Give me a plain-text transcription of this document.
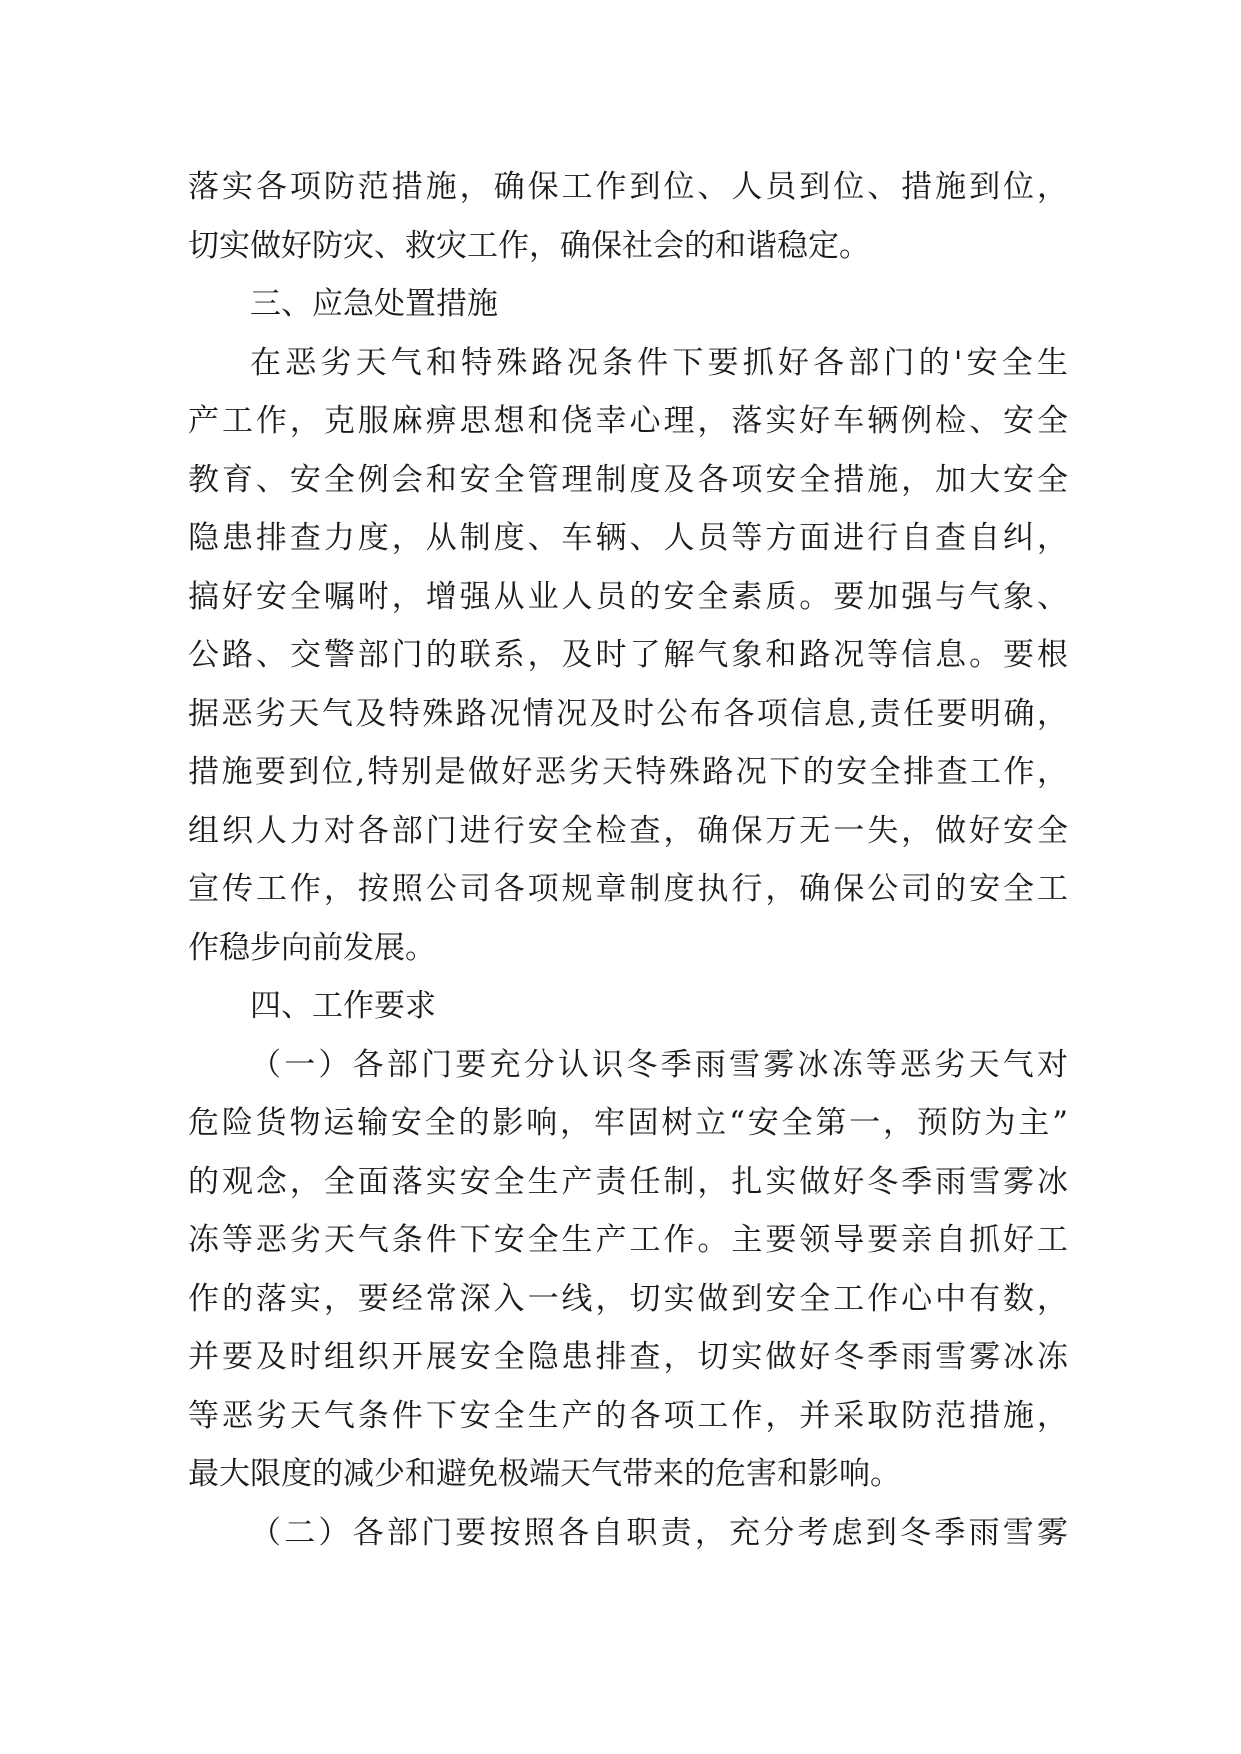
落实各项防范措施，确保工作到位、人员到位、措施到位，
切实做好防灾、救灾工作，确保社会的和谐稳定。
三、应急处置措施
在恶劣天气和特殊路况条件下要抓好各部门的'安全生
产工作，克服麻痹思想和侥幸心理，落实好车辆例检、安全
教育、安全例会和安全管理制度及各项安全措施，加大安全
隐患排查力度，从制度、车辆、人员等方面进行自查自纠，
搞好安全嘱咐，增强从业人员的安全素质。要加强与气象、
公路、交警部门的联系，及时了解气象和路况等信息。要根
据恶劣天气及特殊路况情况及时公布各项信息,责任要明确，
措施要到位,特别是做好恶劣天特殊路况下的安全排查工作，
组织人力对各部门进行安全检查，确保万无一失，做好安全
宣传工作，按照公司各项规章制度执行，确保公司的安全工
作稳步向前发展。
四、工作要求
（一）各部门要充分认识冬季雨雪雾冰冻等恶劣天气对
危险货物运输安全的影响，牢固树立“安全第一，预防为主”
的观念，全面落实安全生产责任制，扎实做好冬季雨雪雾冰
冻等恶劣天气条件下安全生产工作。主要领导要亲自抓好工
作的落实，要经常深入一线，切实做到安全工作心中有数，
并要及时组织开展安全隐患排查，切实做好冬季雨雪雾冰冻
等恶劣天气条件下安全生产的各项工作，并采取防范措施，
最大限度的减少和避免极端天气带来的危害和影响。
（二）各部门要按照各自职责，充分考虑到冬季雨雪雾
